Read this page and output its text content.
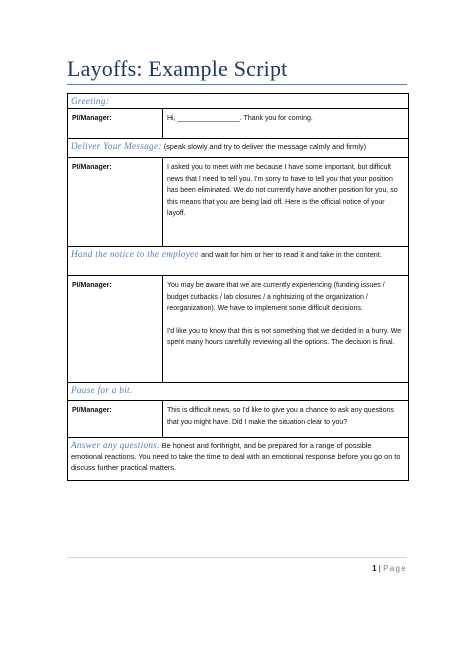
Layoffs: Example Script
Greeting:
PI/Manager:	Hi, ________________. Thank you for coming.
Deliver Your Message: (speak slowly and try to deliver the message calmly and firmly)
PI/Manager:	I asked you to meet with me because I have some important, but difficult news that I need to tell you. I'm sorry to have to tell you that your position has been eliminated. We do not currently have another position for you, so this means that you are being laid off. Here is the official notice of your layoff.
Hand the notice to the employee and wait for him or her to read it and take in the content.
PI/Manager:	You may be aware that we are currently experiencing (funding issues / budget cutbacks / lab closures / a rightsizing of the organization / reorganization). We have to implement some difficult decisions.

I'd like you to know that this is not something that we decided in a hurry. We spent many hours carefully reviewing all the options. The decision is final.

Pause for a bit.
PI/Manager:	This is difficult news, so I'd like to give you a chance to ask any questions that you might have. Did I make the situation clear to you?
Answer any questions. Be honest and forthright, and be prepared for a range of possible emotional reactions. You need to take the time to deal with an emotional response before you go on to discuss further practical matters.
1 | Page
